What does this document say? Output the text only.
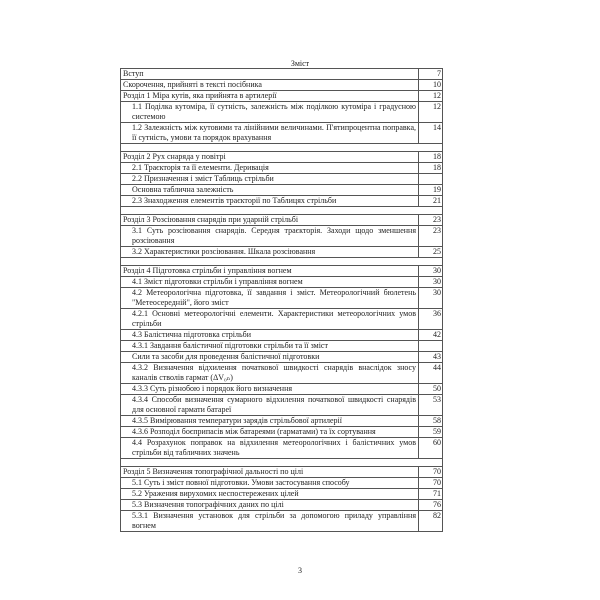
Зміст
Вступ	7

Скорочення, прийняті в тексті посібника	10

Розділ 1 Міра кутів, яка прийнята в артилерії	12

1.1 Поділка кутоміра, її сутність, залежність між поділкою кутоміра і градусною системою	12

1.2 Залежність між кутовими та лінійними величинами. П'ятипроцентна поправка, її сутність, умови та порядок врахування	14

Розділ 2 Рух снаряда у повітрі	18

2.1 Траєкторія та її елементи. Деривація	18

2.2 Призначення і зміст Таблиць стрільби	

Основна таблична залежність	19

2.3 Знаходження елементів траєкторії по Таблицях стрільби	21

Розділ 3 Розсіювання снарядів при ударній стрільбі	23

3.1 Суть розсіювання снарядів. Середня траєкторія. Заходи щодо зменшення розсіювання	23

3.2 Характеристики розсіювання. Шкала розсіювання	25

Розділ 4 Підготовка стрільби і управління вогнем	30

4.1 Зміст підготовки стрільби і управління вогнем	30

4.2 Метеорологічна підготовка, її завдання і зміст. Метеорологічний бюлетень "Метеосередній", його зміст	30

4.2.1 Основні метеорологічні елементи. Характеристики метеорологічних умов стрільби	36

4.3 Балістична підготовка стрільби	42

4.3.1 Завдання балістичної підготовки стрільби та її зміст	

Сили та засоби для проведення балістичної підготовки	43

4.3.2 Визначення відхилення початкової швидкості снарядів внаслідок зносу каналів стволів гармат (ΔV₀ₙ)	44

4.3.3 Суть різнобою і порядок його визначення	50

4.3.4 Способи визначення сумарного відхилення початкової швидкості снарядів для основної гармати батареї	53

4.3.5 Вимірювання температури зарядів стрільбової артилерії	58

4.3.6 Розподіл боєприпасів між батареями (гарматами) та їх сортування	59

4.4 Розрахунок поправок на відхилення метеорологічних і балістичних умов стрільби від табличних значень	60

Розділ 5 Визначення топографічної дальності по цілі	70

5.1 Суть і зміст повної підготовки. Умови застосування способу	70

5.2 Уражения вирухомих неспостережених цілей	71

5.3 Визначення топографічних даних по цілі	76

5.3.1 Визначення установок для стрільби за допомогою приладу управління вогнем	82
3
